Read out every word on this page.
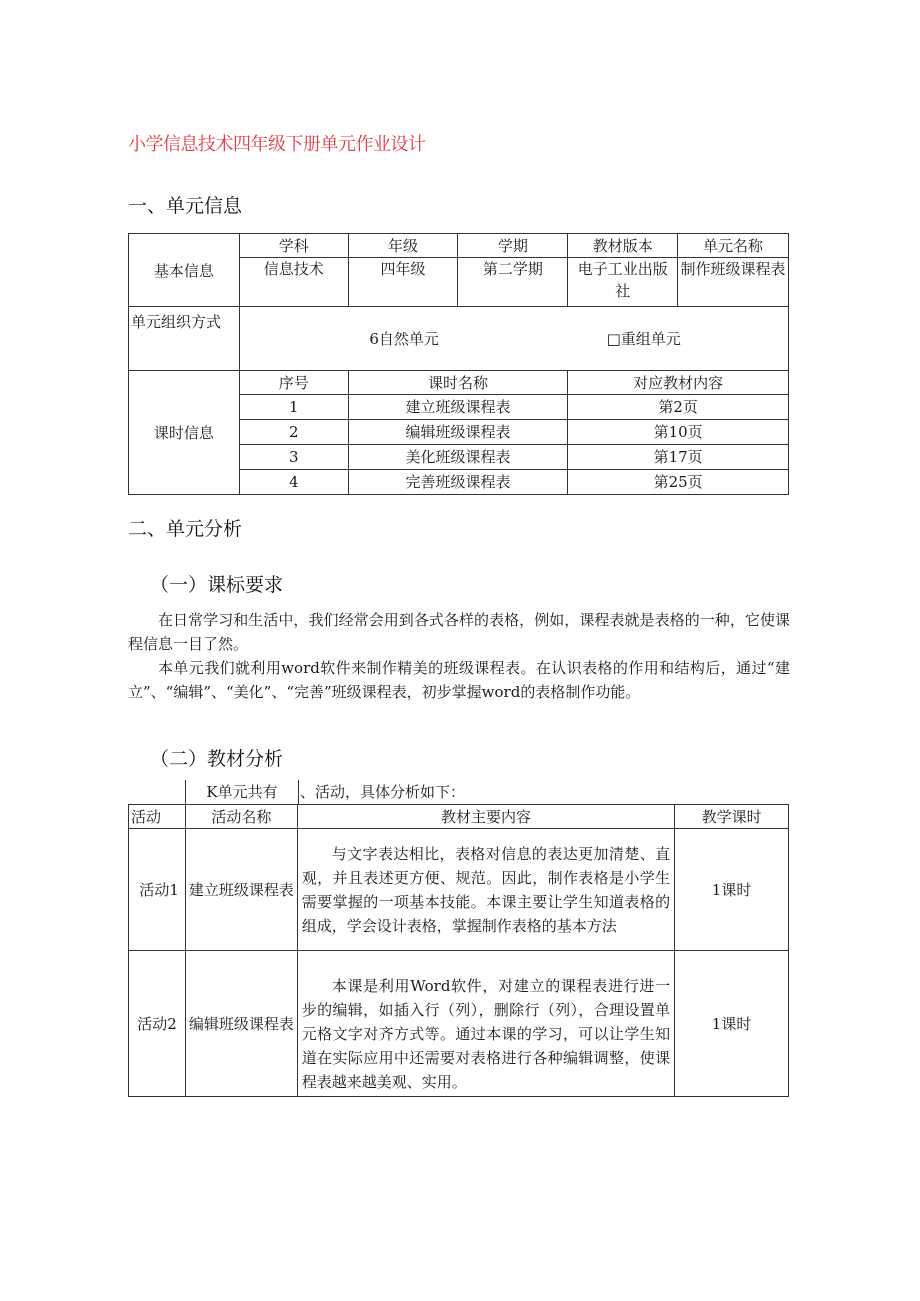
小学信息技术四年级下册单元作业设计
一、单元信息
基本信息	学科	年级	学期	教材版本	单元名称
	信息技术	四年级	第二学期	电子工业出版社	制作班级课程表
单元组织方式	6自然单元 □重组单元				
课时信息	序号	课时名称		对应教材内容	
	1	建立班级课程表		第2页	
	2	编辑班级课程表		第10页	
	3	美化班级课程表		第17页	
	4	完善班级课程表		第25页	
二、单元分析
（一）课标要求
在日常学习和生活中，我们经常会用到各式各样的表格，例如，课程表就是表格的一种，它使课程信息一目了然。
本单元我们就利用word软件来制作精美的班级课程表。在认识表格的作用和结构后，通过“建立”、“编辑”、“美化”、“完善”班级课程表，初步掌握word的表格制作功能。
（二）教材分析
K单元共有	、活动，具体分析如下：
活动	活动名称	教材主要内容	教学课时
活动1	建立班级课程表	与文字表达相比，表格对信息的表达更加清楚、直观，并且表述更方便、规范。因此，制作表格是小学生需要掌握的一项基本技能。本课主要让学生知道表格的组成，学会设计表格，掌握制作表格的基本方法	1课时
活动2	编辑班级课程表	本课是利用Word软件，对建立的课程表进行进一步的编辑，如插入行（列），删除行（列），合理设置单元格文字对齐方式等。通过本课的学习，可以让学生知道在实际应用中还需要对表格进行各种编辑调整，使课程表越来越美观、实用。	1课时
